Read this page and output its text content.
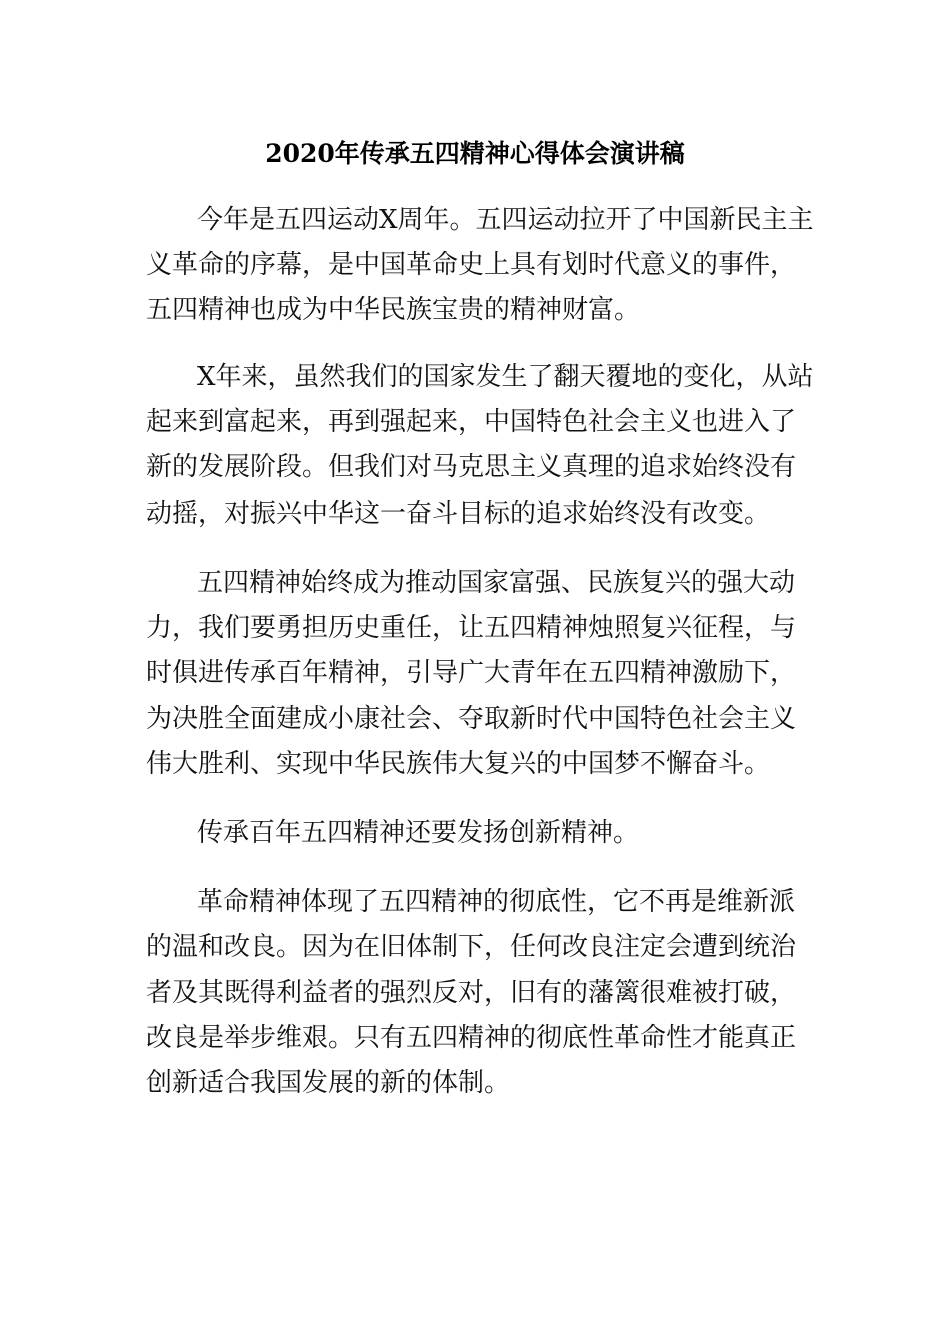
2020年传承五四精神心得体会演讲稿
今年是五四运动X周年。五四运动拉开了中国新民主主
义革命的序幕，是中国革命史上具有划时代意义的事件，
五四精神也成为中华民族宝贵的精神财富。
X年来，虽然我们的国家发生了翻天覆地的变化，从站
起来到富起来，再到强起来，中国特色社会主义也进入了
新的发展阶段。但我们对马克思主义真理的追求始终没有
动摇，对振兴中华这一奋斗目标的追求始终没有改变。
五四精神始终成为推动国家富强、民族复兴的强大动
力，我们要勇担历史重任，让五四精神烛照复兴征程，与
时俱进传承百年精神，引导广大青年在五四精神激励下，
为决胜全面建成小康社会、夺取新时代中国特色社会主义
伟大胜利、实现中华民族伟大复兴的中国梦不懈奋斗。
传承百年五四精神还要发扬创新精神。
革命精神体现了五四精神的彻底性，它不再是维新派
的温和改良。因为在旧体制下，任何改良注定会遭到统治
者及其既得利益者的强烈反对，旧有的藩篱很难被打破，
改良是举步维艰。只有五四精神的彻底性革命性才能真正
创新适合我国发展的新的体制。
